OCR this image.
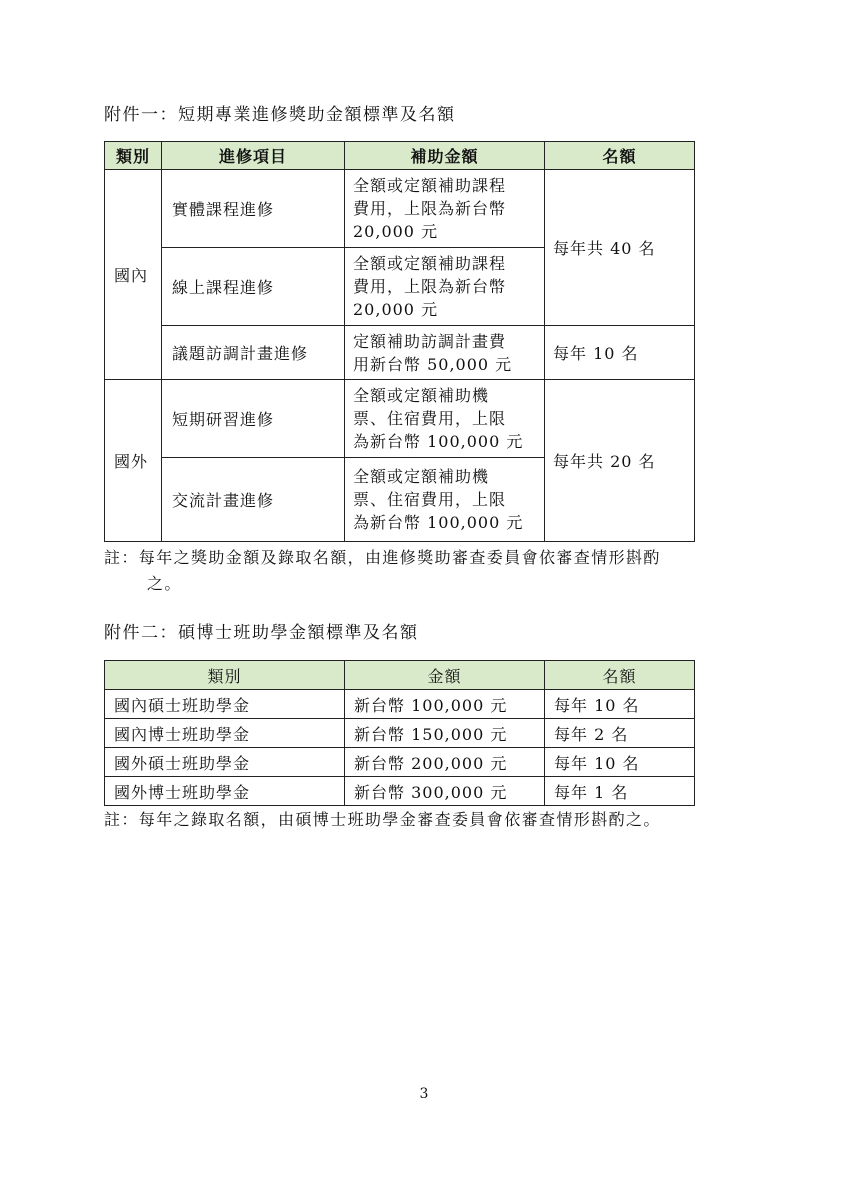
附件一：短期專業進修獎助金額標準及名額
類別	進修項目	補助金額	名額
國內	實體課程進修	全額或定額補助課程
費用，上限為新台幣
20,000 元	每年共 40 名
	線上課程進修	全額或定額補助課程
費用，上限為新台幣
20,000 元	

	議題訪調計畫進修	定額補助訪調計畫費
用新台幣 50,000 元	每年 10 名
國外	短期研習進修	全額或定額補助機
票、住宿費用，上限
為新台幣 100,000 元	每年共 20 名
	交流計畫進修	全額或定額補助機
票、住宿費用，上限
為新台幣 100,000 元	
註：每年之獎助金額及錄取名額，由進修獎助審查委員會依審查情形斟酌
之。
附件二：碩博士班助學金額標準及名額
類別	金額	名額
國內碩士班助學金	新台幣 100,000 元	每年 10 名
國內博士班助學金	新台幣 150,000 元	每年 2 名
國外碩士班助學金	新台幣 200,000 元	每年 10 名
國外博士班助學金	新台幣 300,000 元	每年 1 名
註：每年之錄取名額，由碩博士班助學金審查委員會依審查情形斟酌之。
3
